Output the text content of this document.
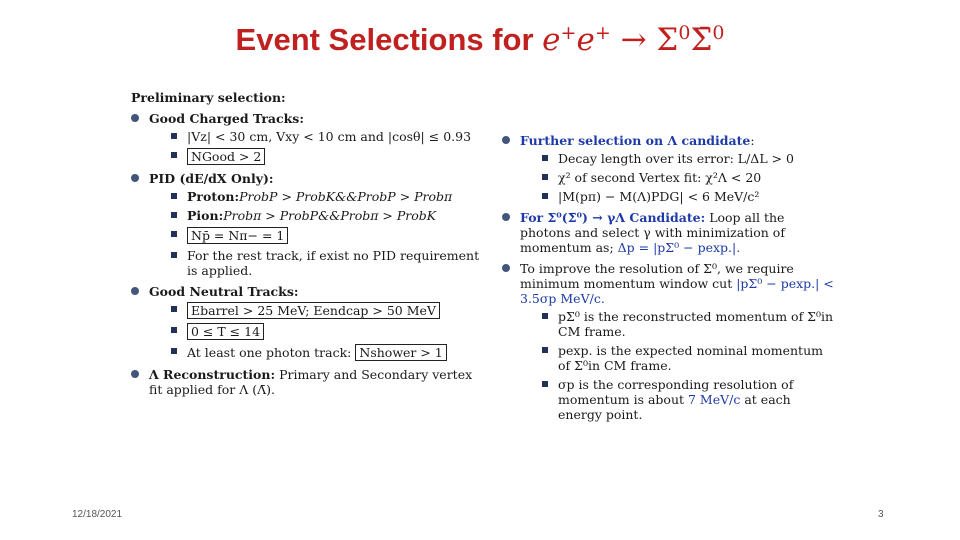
Event Selections for $e^+e^+ \to \Sigma^0\Sigmā^0$
Preliminary selection:
Good Charged Tracks:
|Vz| < 30 cm, Vxy < 10 cm and |cosθ| ≤ 0.93
NGood > 2
PID (dE/dX Only):
Proton:ProbP > ProbK&&ProbP > Probπ
Pion:Probπ > ProbP&&Probπ > ProbK
Np̄ = Nπ− = 1
For the rest track, if exist no PID requirement is applied.
Good Neutral Tracks:
Ebarrel > 25 MeV; Eendcap > 50 MeV
0 ≤ T ≤ 14
At least one photon track: Nshower > 1
Λ Reconstruction: Primary and Secondary vertex fit applied for Λ (Λ̄).
Further selection on Λ candidate:
Decay length over its error: L/ΔL > 0
χ² of second Vertex fit: χ²Λ < 20
|M(pπ) − M(Λ)PDG| < 6 MeV/c²
For Σ⁰(Σ̄⁰) → γΛ Candidate: Loop all the photons and select γ with minimization of momentum as; Δp = |pΣ⁰ − pexp.|.
To improve the resolution of Σ⁰, we require minimum momentum window cut |pΣ⁰ − pexp.| < 3.5σp MeV/c.
pΣ⁰ is the reconstructed momentum of Σ⁰in CM frame.
pexp. is the expected nominal momentum of Σ⁰in CM frame.
σp is the corresponding resolution of momentum is about 7 MeV/c at each energy point.
12/18/2021	3
